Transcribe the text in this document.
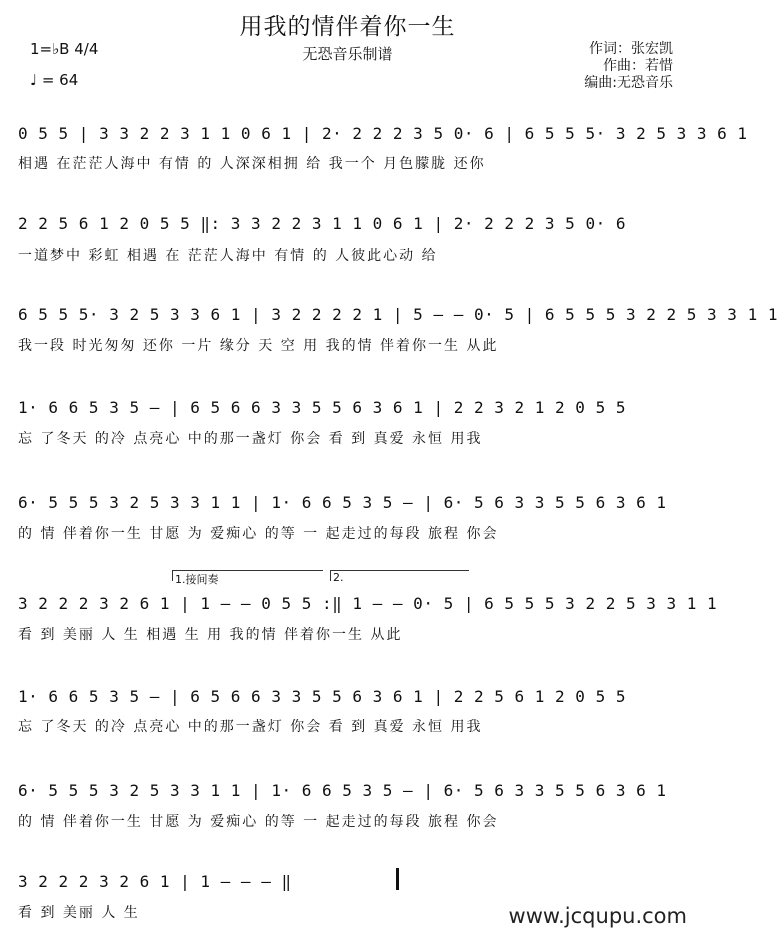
用我的情伴着你一生
无恐音乐制谱
1=♭B 4/4
♩ = 64
作词：张宏凯
作曲：若惜
编曲:无恐音乐
0 5 5 | 3 3 2 2 3 1 1 0 6 1 | 2· 2 2 2 3 5 0· 6 | 6 5 5 5· 3 2 5 3 3 6 1
相遇 在茫茫人海中 有情 的 人深深相拥 给 我一个 月色朦胧 还你
2 2 5 6 1 2 0 5 5 ‖: 3 3 2 2 3 1 1 0 6 1 | 2· 2 2 2 3 5 0· 6
一道梦中 彩虹 相遇 在 茫茫人海中 有情 的 人彼此心动 给
6 5 5 5· 3 2 5 3 3 6 1 | 3 2 2 2 2 1 | 5 – – 0· 5 | 6 5 5 5 3 2 2 5 3 3 1 1
我一段 时光匆匆 还你 一片 缘分 天 空 用 我的情 伴着你一生 从此
1· 6 6 5 3 5 – | 6 5 6 6 3 3 5 5 6 3 6 1 | 2 2 3 2 1 2 0 5 5
忘 了冬天 的冷 点亮心 中的那一盏灯 你会 看 到 真爱 永恒 用我
6· 5 5 5 3 2 5 3 3 1 1 | 1· 6 6 5 3 5 – | 6· 5 6 3 3 5 5 6 3 6 1
的 情 伴着你一生 甘愿 为 爱痴心 的等 一 起走过的每段 旅程 你会
1.接间奏	2.
3 2 2 2 3 2 6 1 | 1 – – 0 5 5 :‖ 1 – – 0· 5 | 6 5 5 5 3 2 2 5 3 3 1 1
看 到 美丽 人 生 相遇 生 用 我的情 伴着你一生 从此
1· 6 6 5 3 5 – | 6 5 6 6 3 3 5 5 6 3 6 1 | 2 2 5 6 1 2 0 5 5
忘 了冬天 的冷 点亮心 中的那一盏灯 你会 看 到 真爱 永恒 用我
6· 5 5 5 3 2 5 3 3 1 1 | 1· 6 6 5 3 5 – | 6· 5 6 3 3 5 5 6 3 6 1
的 情 伴着你一生 甘愿 为 爱痴心 的等 一 起走过的每段 旅程 你会
3 2 2 2 3 2 6 1 | 1 – – – ‖
看 到 美丽 人 生	www.jcqupu.com
